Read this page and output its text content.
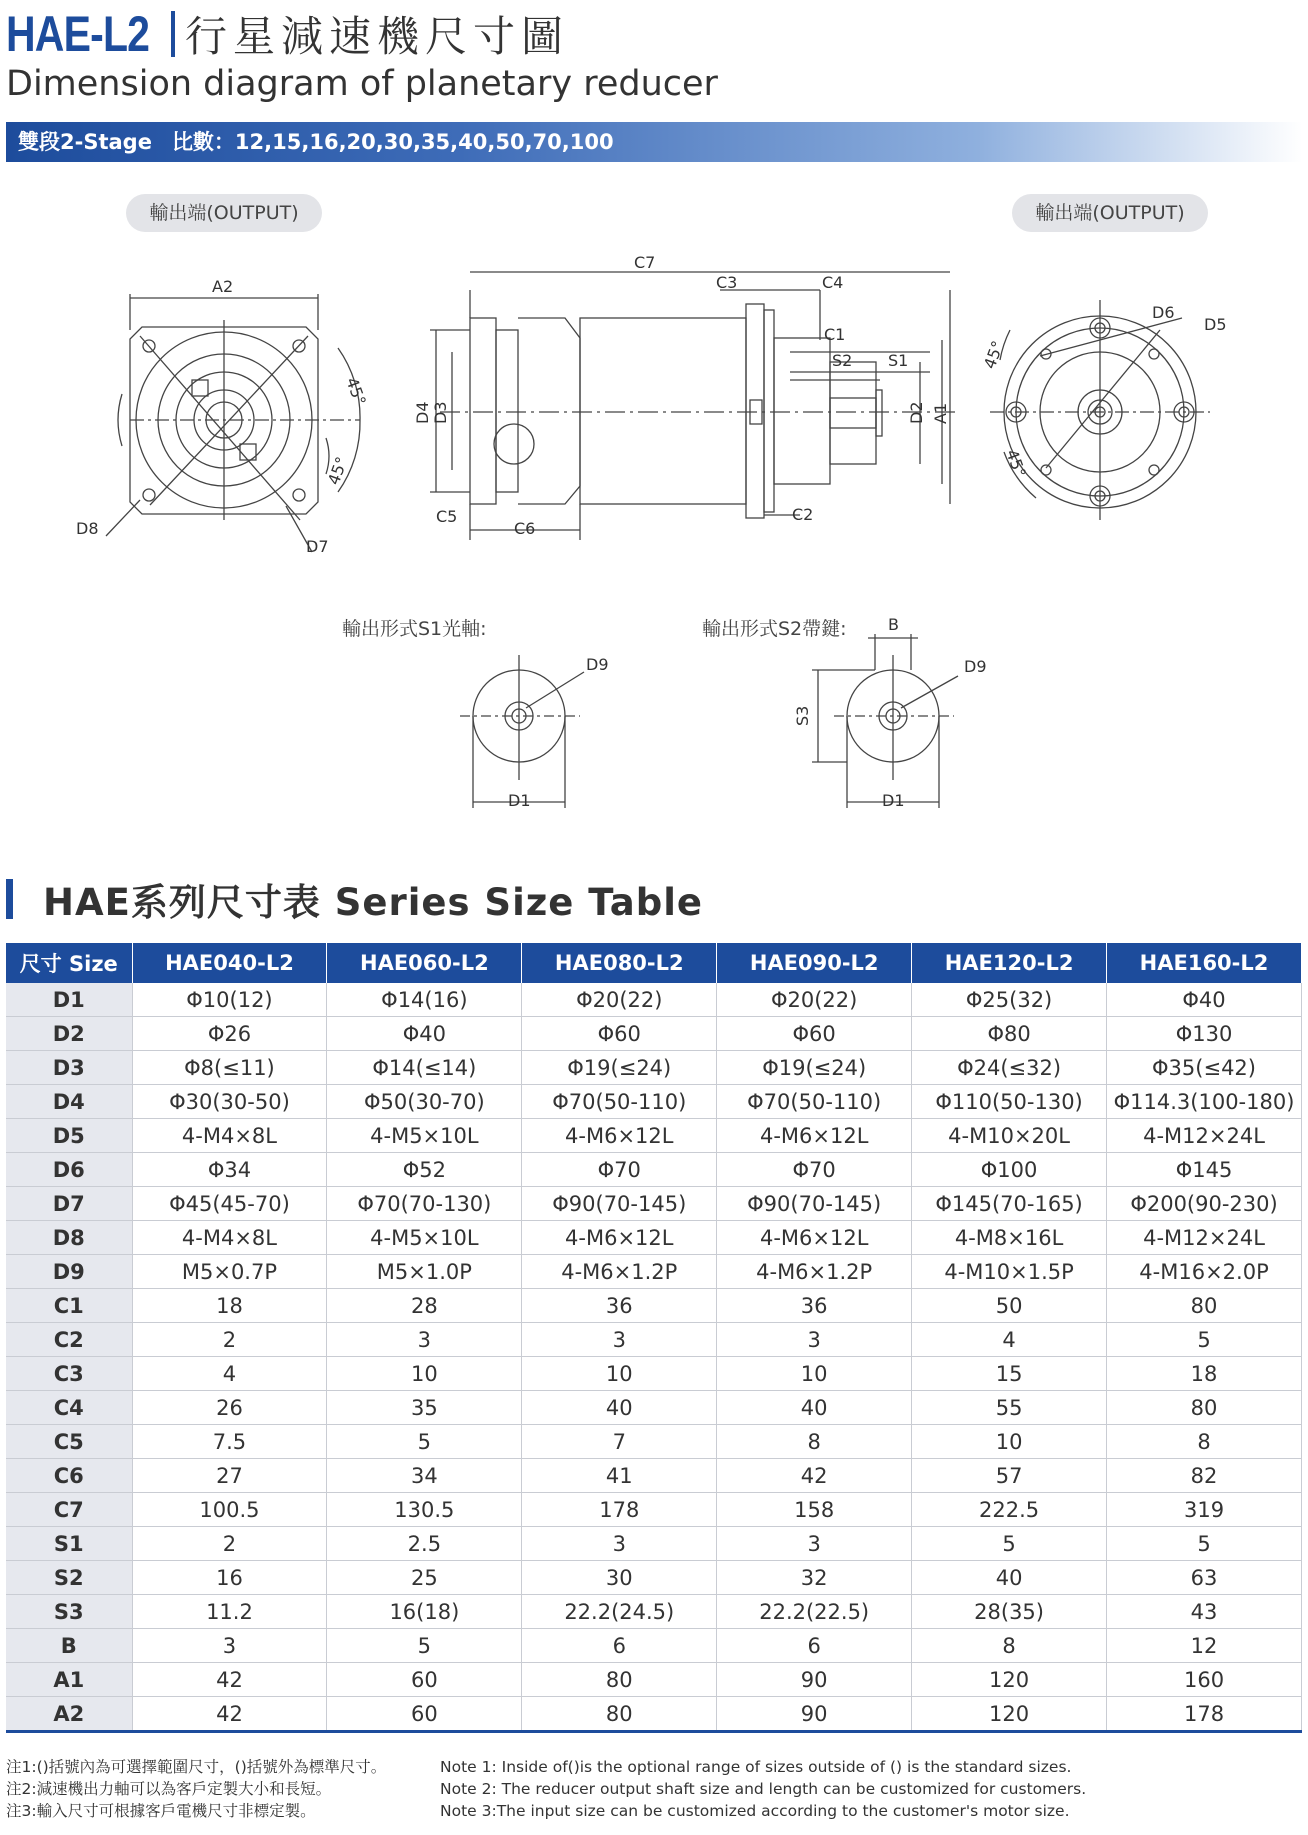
HAE-L2 行星減速機尺寸圖
Dimension diagram of planetary reducer
雙段2-Stage 比數：12,15,16,20,30,35,40,50,70,100
輸出端(OUTPUT)	輸出端(OUTPUT)
A2
45°
45°
D8
D7
C7
C3	C4
C1
S2 S1
D4 D3	D2 A1
C5
C6
C2
D6
D5
45°
45°
D9
D1
B
D9
S3
D1
輸出形式S1光軸:	輸出形式S2帶鍵:
HAE系列尺寸表 Series Size Table
尺寸 Size	HAE040-L2	HAE060-L2	HAE080-L2	HAE090-L2	HAE120-L2	HAE160-L2
D1	Φ10(12)	Φ14(16)	Φ20(22)	Φ20(22)	Φ25(32)	Φ40
D2	Φ26	Φ40	Φ60	Φ60	Φ80	Φ130
D3	Φ8(≤11)	Φ14(≤14)	Φ19(≤24)	Φ19(≤24)	Φ24(≤32)	Φ35(≤42)
D4	Φ30(30-50)	Φ50(30-70)	Φ70(50-110)	Φ70(50-110)	Φ110(50-130)	Φ114.3(100-180)
D5	4-M4×8L	4-M5×10L	4-M6×12L	4-M6×12L	4-M10×20L	4-M12×24L
D6	Φ34	Φ52	Φ70	Φ70	Φ100	Φ145
D7	Φ45(45-70)	Φ70(70-130)	Φ90(70-145)	Φ90(70-145)	Φ145(70-165)	Φ200(90-230)
D8	4-M4×8L	4-M5×10L	4-M6×12L	4-M6×12L	4-M8×16L	4-M12×24L
D9	M5×0.7P	M5×1.0P	4-M6×1.2P	4-M6×1.2P	4-M10×1.5P	4-M16×2.0P
C1	18	28	36	36	50	80
C2	2	3	3	3	4	5
C3	4	10	10	10	15	18
C4	26	35	40	40	55	80
C5	7.5	5	7	8	10	8
C6	27	34	41	42	57	82
C7	100.5	130.5	178	158	222.5	319
S1	2	2.5	3	3	5	5
S2	16	25	30	32	40	63
S3	11.2	16(18)	22.2(24.5)	22.2(22.5)	28(35)	43
B	3	5	6	6	8	12
A1	42	60	80	90	120	160
A2	42	60	80	90	120	178
注1:()括號內為可選擇範圍尺寸，()括號外為標準尺寸。
注2:減速機出力軸可以為客戶定製大小和長短。
注3:輸入尺寸可根據客戶電機尺寸非標定製。
Note 1: Inside of()is the optional range of sizes outside of () is the standard sizes.
Note 2: The reducer output shaft size and length can be customized for customers.
Note 3:The input size can be customized according to the customer's motor size.
